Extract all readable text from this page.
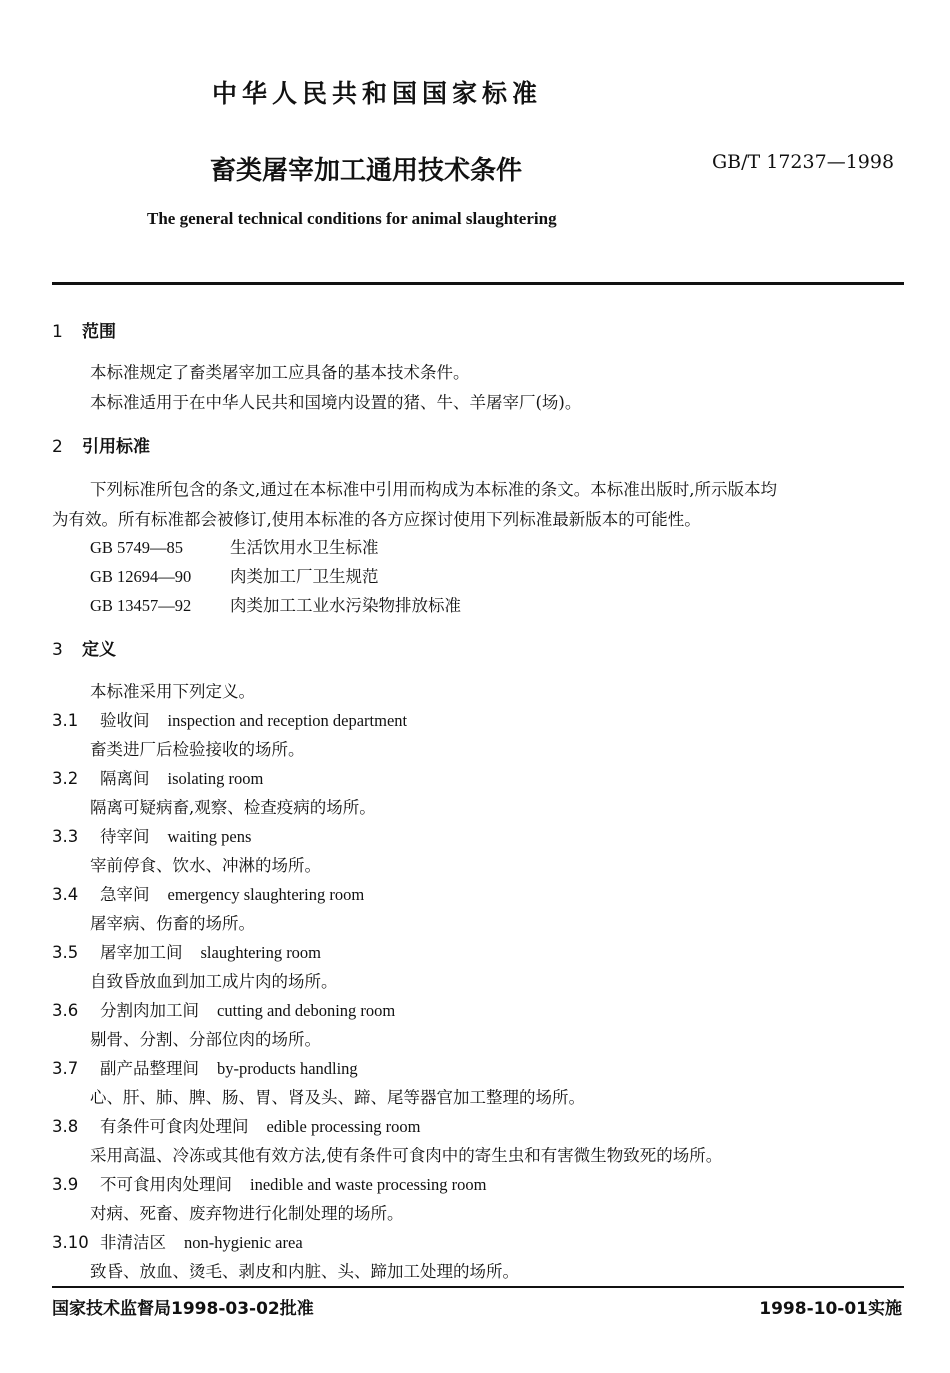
中华人民共和国国家标准
畜类屠宰加工通用技术条件	GB/T 17237—1998
The general technical conditions for animal slaughtering
1 范围
本标准规定了畜类屠宰加工应具备的基本技术条件。
本标准适用于在中华人民共和国境内设置的猪、牛、羊屠宰厂(场)。
2 引用标准
下列标准所包含的条文,通过在本标准中引用而构成为本标准的条文。本标准出版时,所示版本均
为有效。所有标准都会被修订,使用本标准的各方应探讨使用下列标准最新版本的可能性。
GB 5749—85	生活饮用水卫生标准
GB 12694—90 肉类加工厂卫生规范
GB 13457—92 肉类加工工业水污染物排放标准
3 定义
本标准采用下列定义。
3.1 验收间 inspection and reception department
畜类进厂后检验接收的场所。
3.2 隔离间 isolating room
隔离可疑病畜,观察、检查疫病的场所。
3.3 待宰间 waiting pens
宰前停食、饮水、冲淋的场所。
3.4 急宰间 emergency slaughtering room
屠宰病、伤畜的场所。
3.5 屠宰加工间 slaughtering room
自致昏放血到加工成片肉的场所。
3.6 分割肉加工间 cutting and deboning room
剔骨、分割、分部位肉的场所。
3.7 副产品整理间 by-products handling
心、肝、肺、脾、肠、胃、肾及头、蹄、尾等器官加工整理的场所。
3.8 有条件可食肉处理间 edible processing room
采用高温、冷冻或其他有效方法,使有条件可食肉中的寄生虫和有害微生物致死的场所。
3.9 不可食用肉处理间 inedible and waste processing room
对病、死畜、废弃物进行化制处理的场所。
3.10 非清洁区 non-hygienic area
致昏、放血、烫毛、剥皮和内脏、头、蹄加工处理的场所。
国家技术监督局1998-03-02批准	1998-10-01实施
